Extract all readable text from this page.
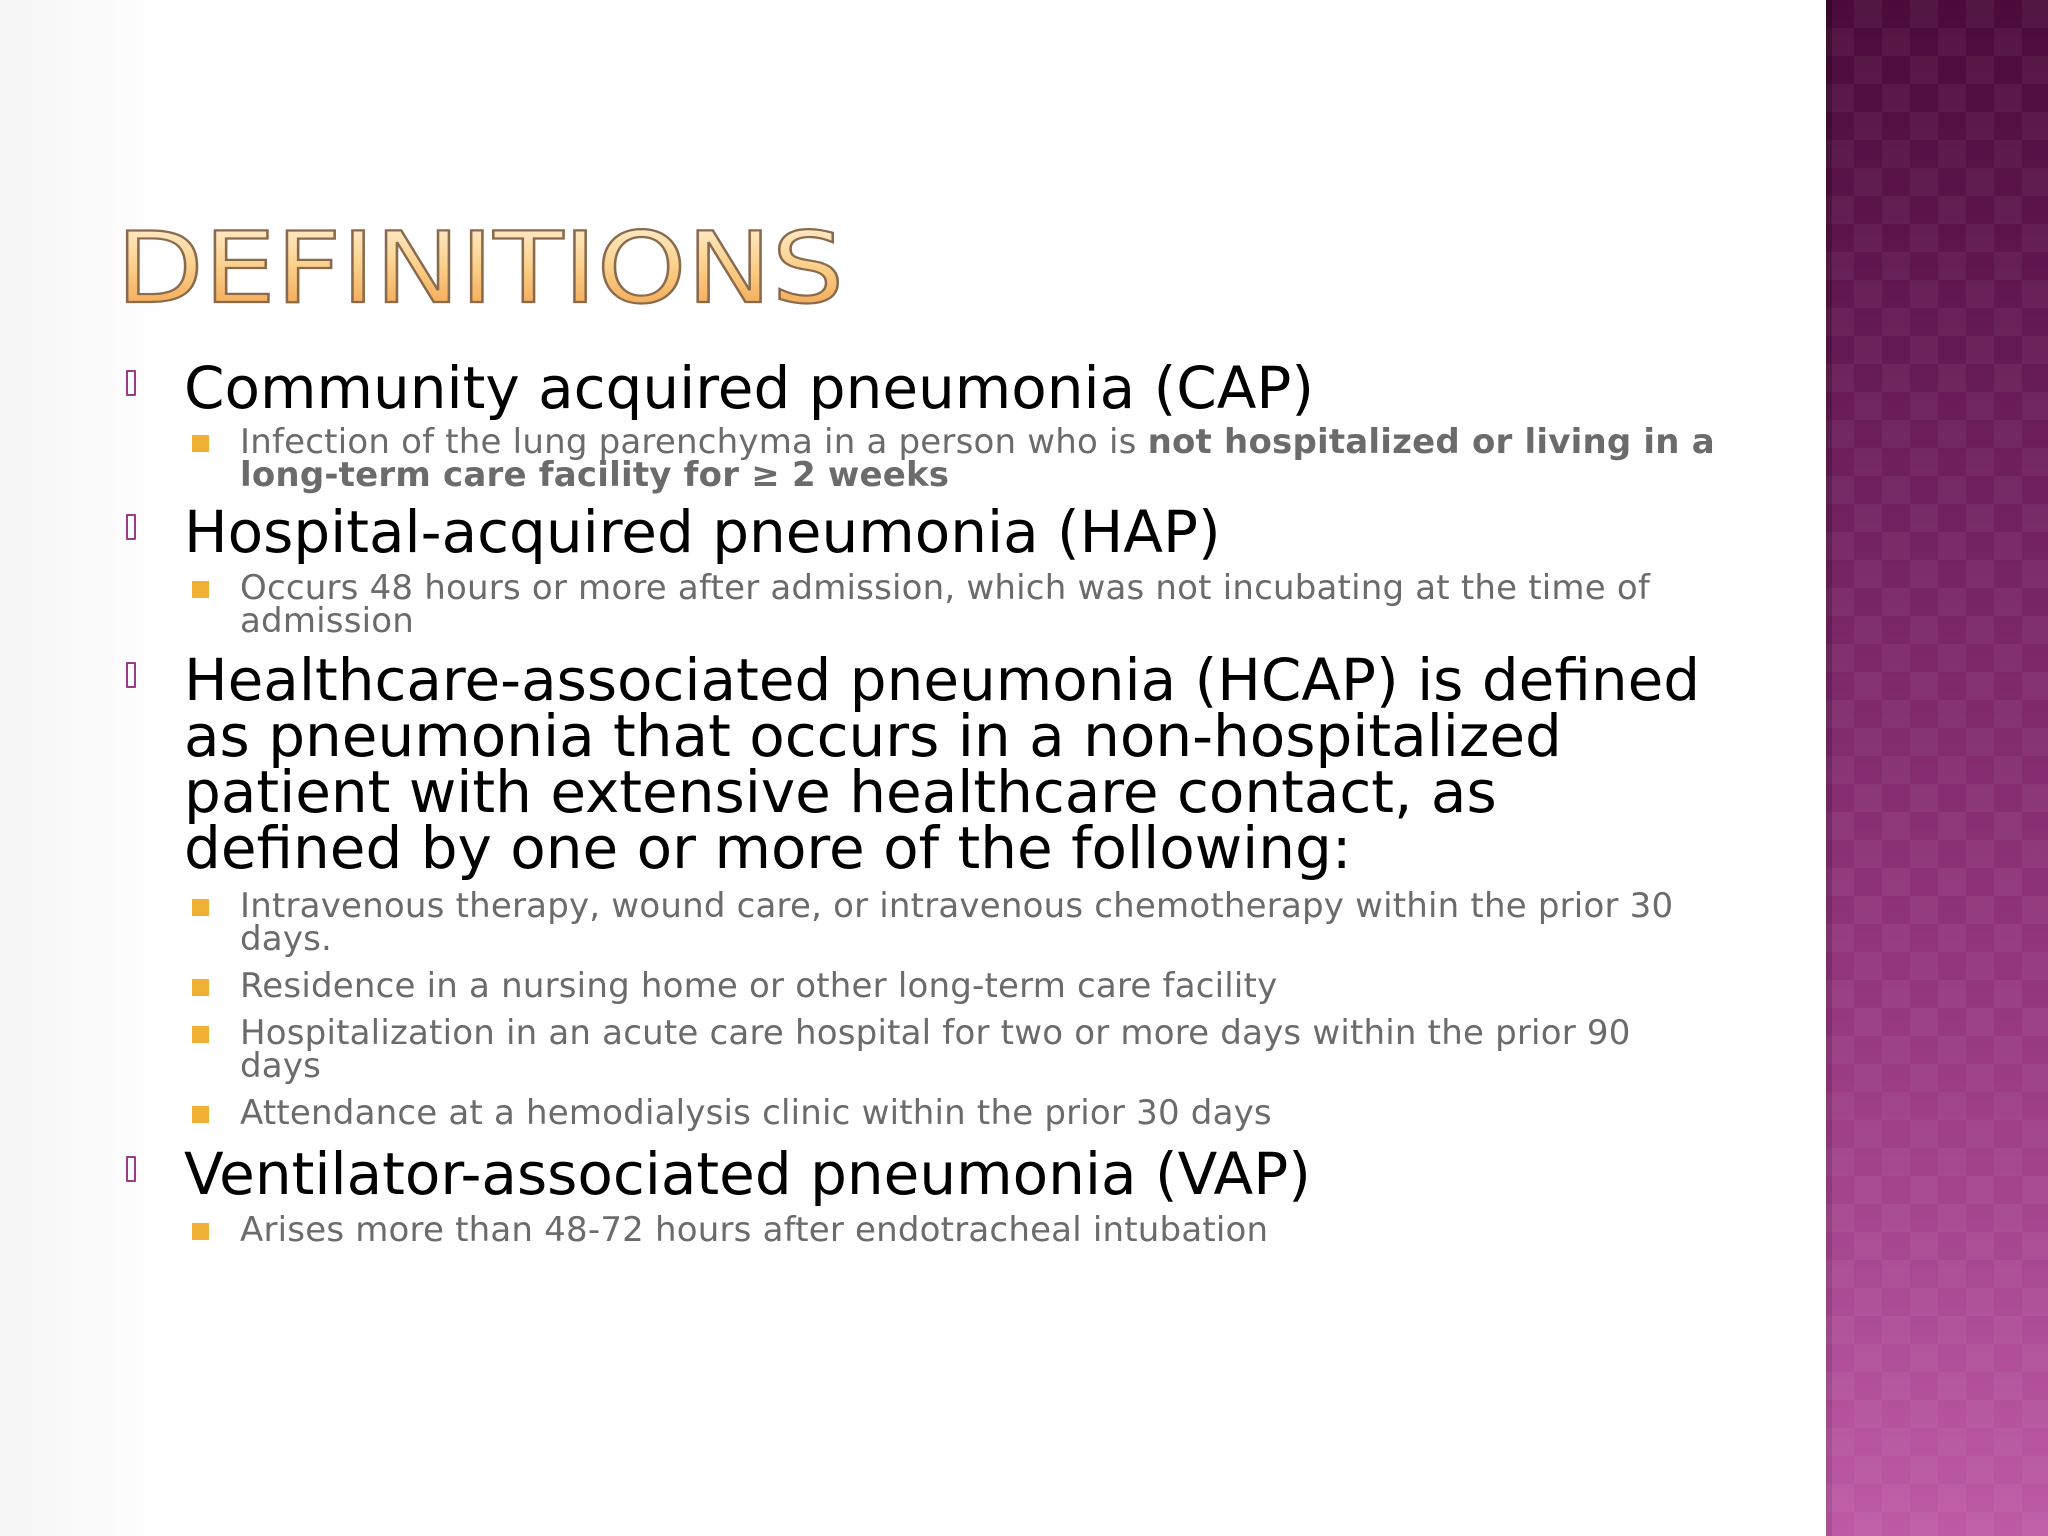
DEFINITIONS
Community acquired pneumonia (CAP)
Infection of the lung parenchyma in a person who is not hospitalized or living in a long-term care facility for ≥ 2 weeks
Hospital-acquired pneumonia (HAP)
Occurs 48 hours or more after admission, which was not incubating at the time of admission
Healthcare-associated pneumonia (HCAP) is defined as pneumonia that occurs in a non-hospitalized patient with extensive healthcare contact, as defined by one or more of the following:
Intravenous therapy, wound care, or intravenous chemotherapy within the prior 30 days.
Residence in a nursing home or other long-term care facility
Hospitalization in an acute care hospital for two or more days within the prior 90 days
Attendance at a hemodialysis clinic within the prior 30 days
Ventilator-associated pneumonia (VAP)
Arises more than 48-72 hours after endotracheal intubation
